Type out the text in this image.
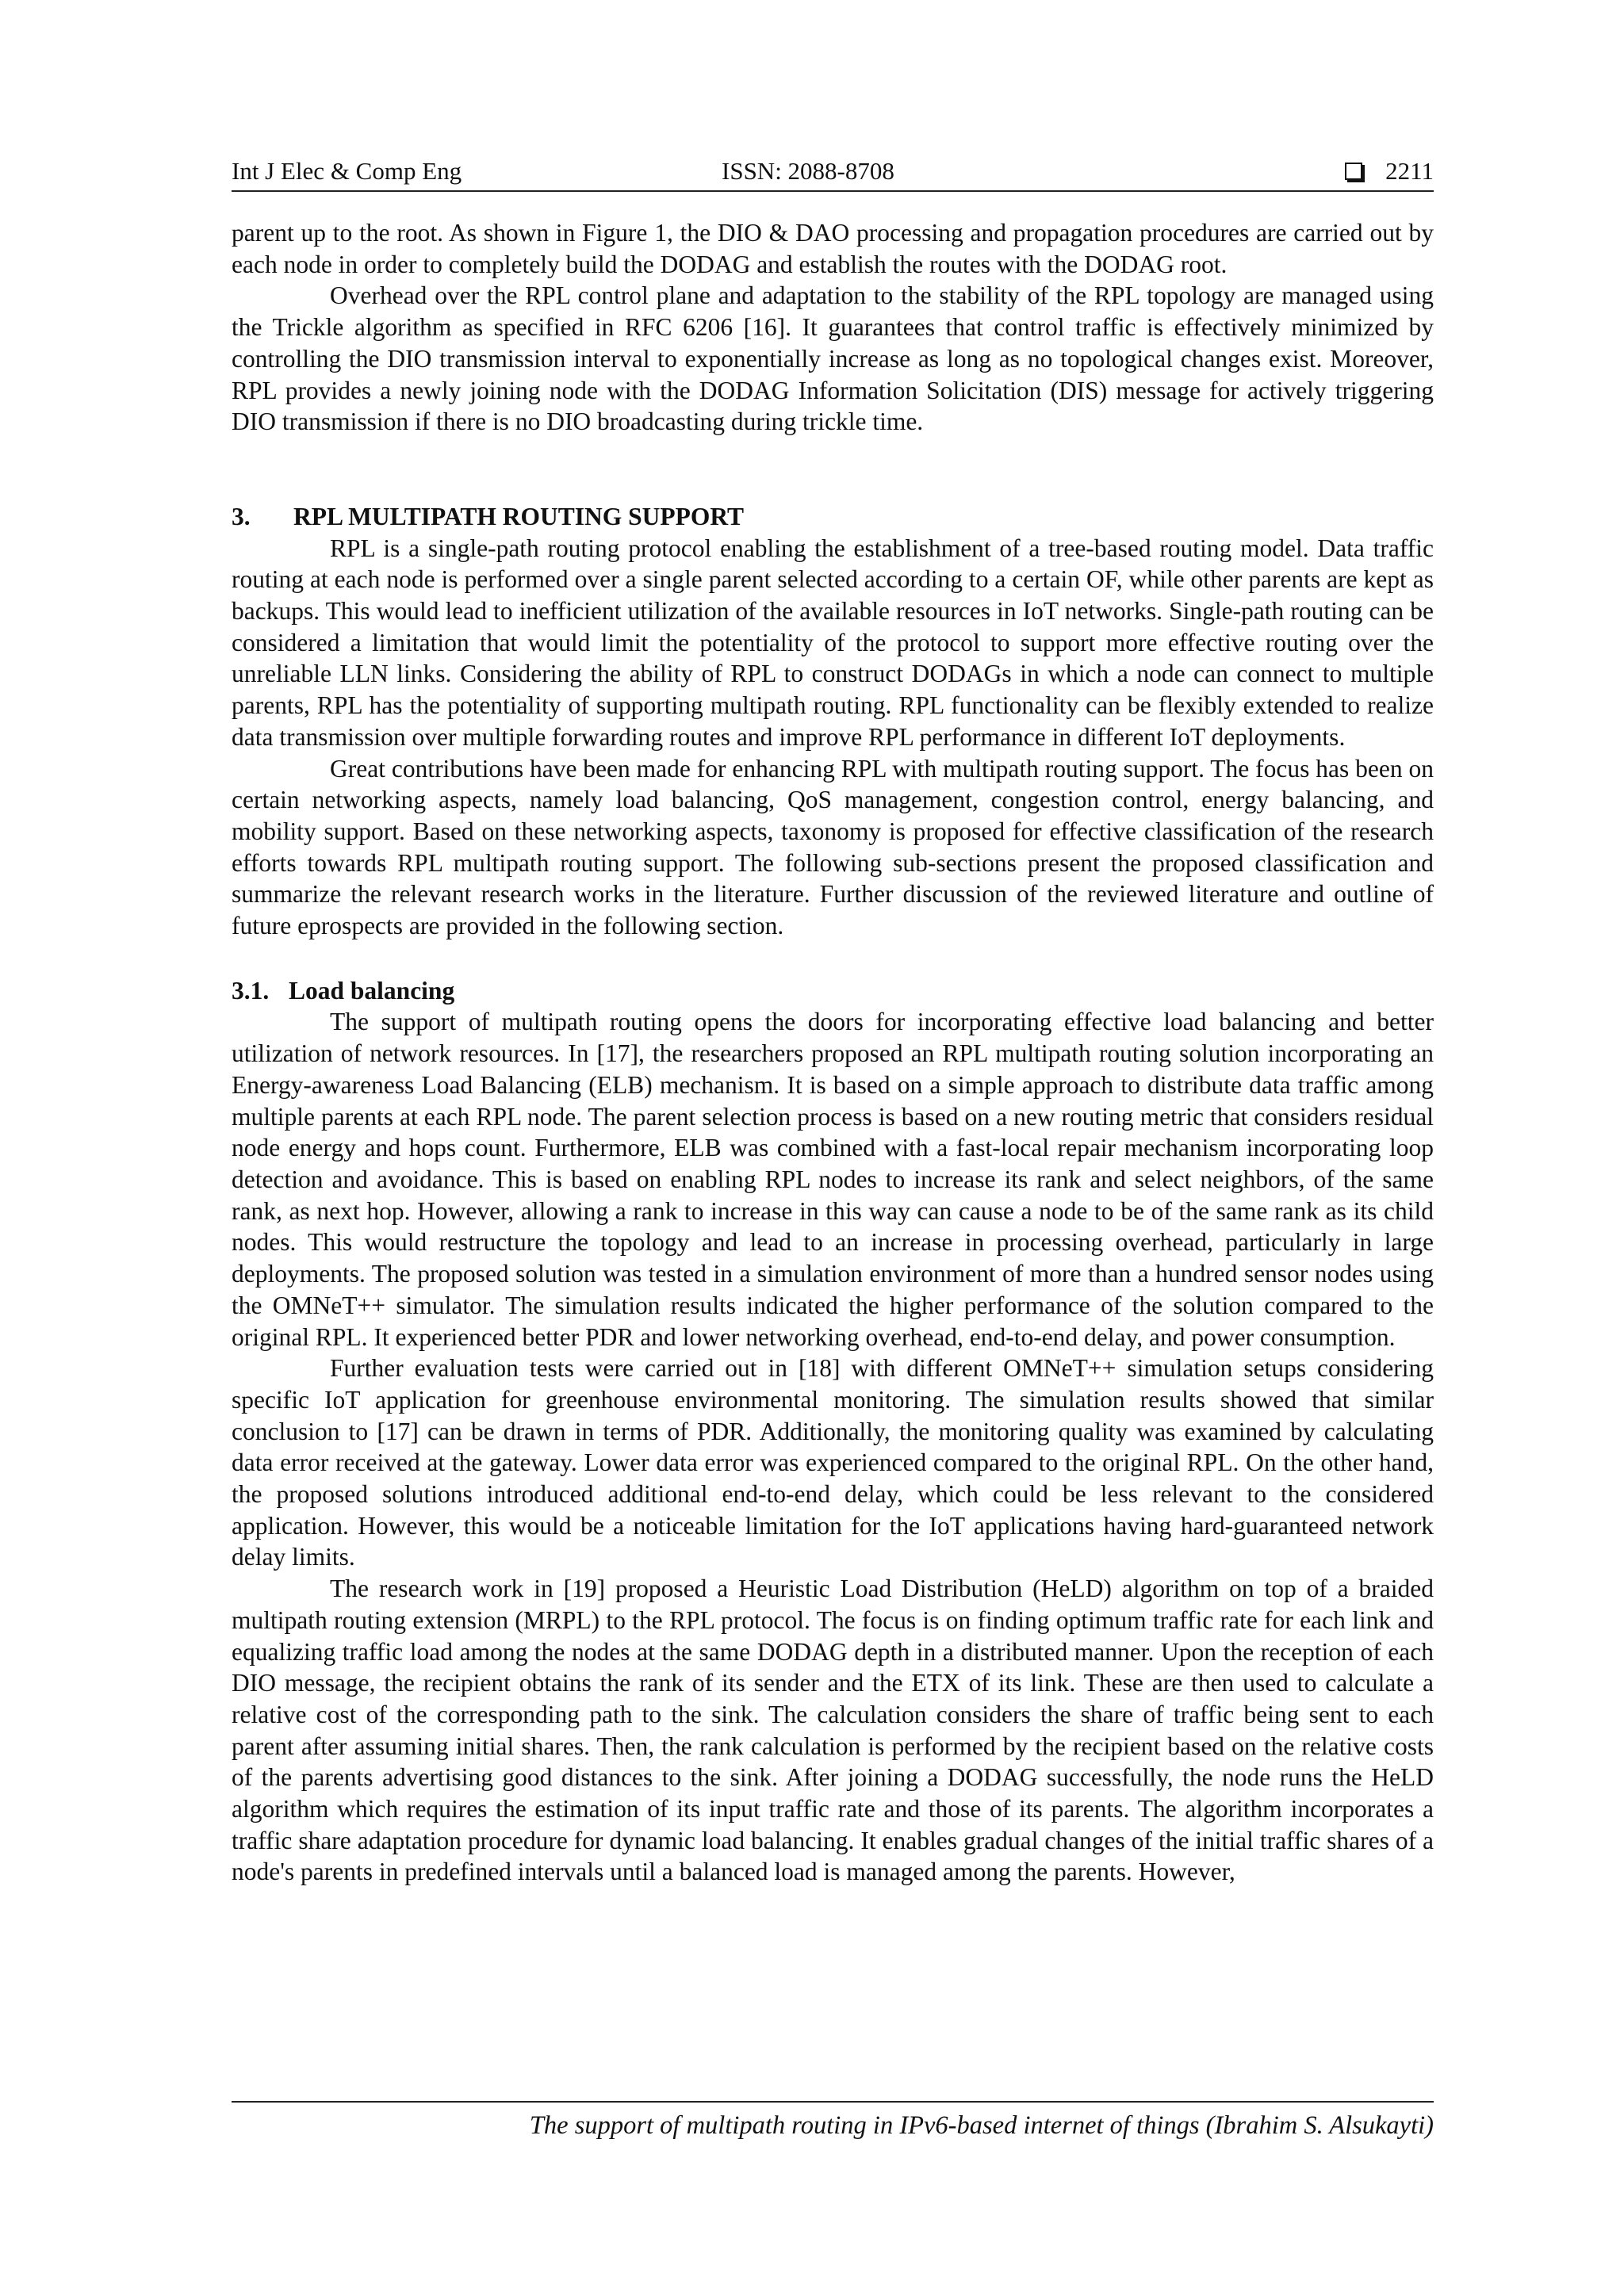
Int J Elec & Comp Eng	ISSN: 2088-8708	2211

parent up to the root. As shown in Figure 1, the DIO & DAO processing and propagation procedures are carried out by each node in order to completely build the DODAG and establish the routes with the DODAG root.

Overhead over the RPL control plane and adaptation to the stability of the RPL topology are managed using the Trickle algorithm as specified in RFC 6206 [16]. It guarantees that control traffic is effectively minimized by controlling the DIO transmission interval to exponentially increase as long as no topological changes exist. Moreover, RPL provides a newly joining node with the DODAG Information Solicitation (DIS) message for actively triggering DIO transmission if there is no DIO broadcasting during trickle time.

3. RPL MULTIPATH ROUTING SUPPORT

RPL is a single-path routing protocol enabling the establishment of a tree-based routing model. Data traffic routing at each node is performed over a single parent selected according to a certain OF, while other parents are kept as backups. This would lead to inefficient utilization of the available resources in IoT networks. Single-path routing can be considered a limitation that would limit the potentiality of the protocol to support more effective routing over the unreliable LLN links. Considering the ability of RPL to construct DODAGs in which a node can connect to multiple parents, RPL has the potentiality of supporting multipath routing. RPL functionality can be flexibly extended to realize data transmission over multiple forwarding routes and improve RPL performance in different IoT deployments.

Great contributions have been made for enhancing RPL with multipath routing support. The focus has been on certain networking aspects, namely load balancing, QoS management, congestion control, energy balancing, and mobility support. Based on these networking aspects, taxonomy is proposed for effective classification of the research efforts towards RPL multipath routing support. The following sub-sections present the proposed classification and summarize the relevant research works in the literature. Further discussion of the reviewed literature and outline of future eprospects are provided in the following section.

3.1. Load balancing

The support of multipath routing opens the doors for incorporating effective load balancing and better utilization of network resources. In [17], the researchers proposed an RPL multipath routing solution incorporating an Energy-awareness Load Balancing (ELB) mechanism. It is based on a simple approach to distribute data traffic among multiple parents at each RPL node. The parent selection process is based on a new routing metric that considers residual node energy and hops count. Furthermore, ELB was combined with a fast-local repair mechanism incorporating loop detection and avoidance. This is based on enabling RPL nodes to increase its rank and select neighbors, of the same rank, as next hop. However, allowing a rank to increase in this way can cause a node to be of the same rank as its child nodes. This would restructure the topology and lead to an increase in processing overhead, particularly in large deployments. The proposed solution was tested in a simulation environment of more than a hundred sensor nodes using the OMNeT++ simulator. The simulation results indicated the higher performance of the solution compared to the original RPL. It experienced better PDR and lower networking overhead, end-to-end delay, and power consumption.

Further evaluation tests were carried out in [18] with different OMNeT++ simulation setups considering specific IoT application for greenhouse environmental monitoring. The simulation results showed that similar conclusion to [17] can be drawn in terms of PDR. Additionally, the monitoring quality was examined by calculating data error received at the gateway. Lower data error was experienced compared to the original RPL. On the other hand, the proposed solutions introduced additional end-to-end delay, which could be less relevant to the considered application. However, this would be a noticeable limitation for the IoT applications having hard-guaranteed network delay limits.

The research work in [19] proposed a Heuristic Load Distribution (HeLD) algorithm on top of a braided multipath routing extension (MRPL) to the RPL protocol. The focus is on finding optimum traffic rate for each link and equalizing traffic load among the nodes at the same DODAG depth in a distributed manner. Upon the reception of each DIO message, the recipient obtains the rank of its sender and the ETX of its link. These are then used to calculate a relative cost of the corresponding path to the sink. The calculation considers the share of traffic being sent to each parent after assuming initial shares. Then, the rank calculation is performed by the recipient based on the relative costs of the parents advertising good distances to the sink. After joining a DODAG successfully, the node runs the HeLD algorithm which requires the estimation of its input traffic rate and those of its parents. The algorithm incorporates a traffic share adaptation procedure for dynamic load balancing. It enables gradual changes of the initial traffic shares of a node's parents in predefined intervals until a balanced load is managed among the parents. However,

The support of multipath routing in IPv6-based internet of things (Ibrahim S. Alsukayti)
